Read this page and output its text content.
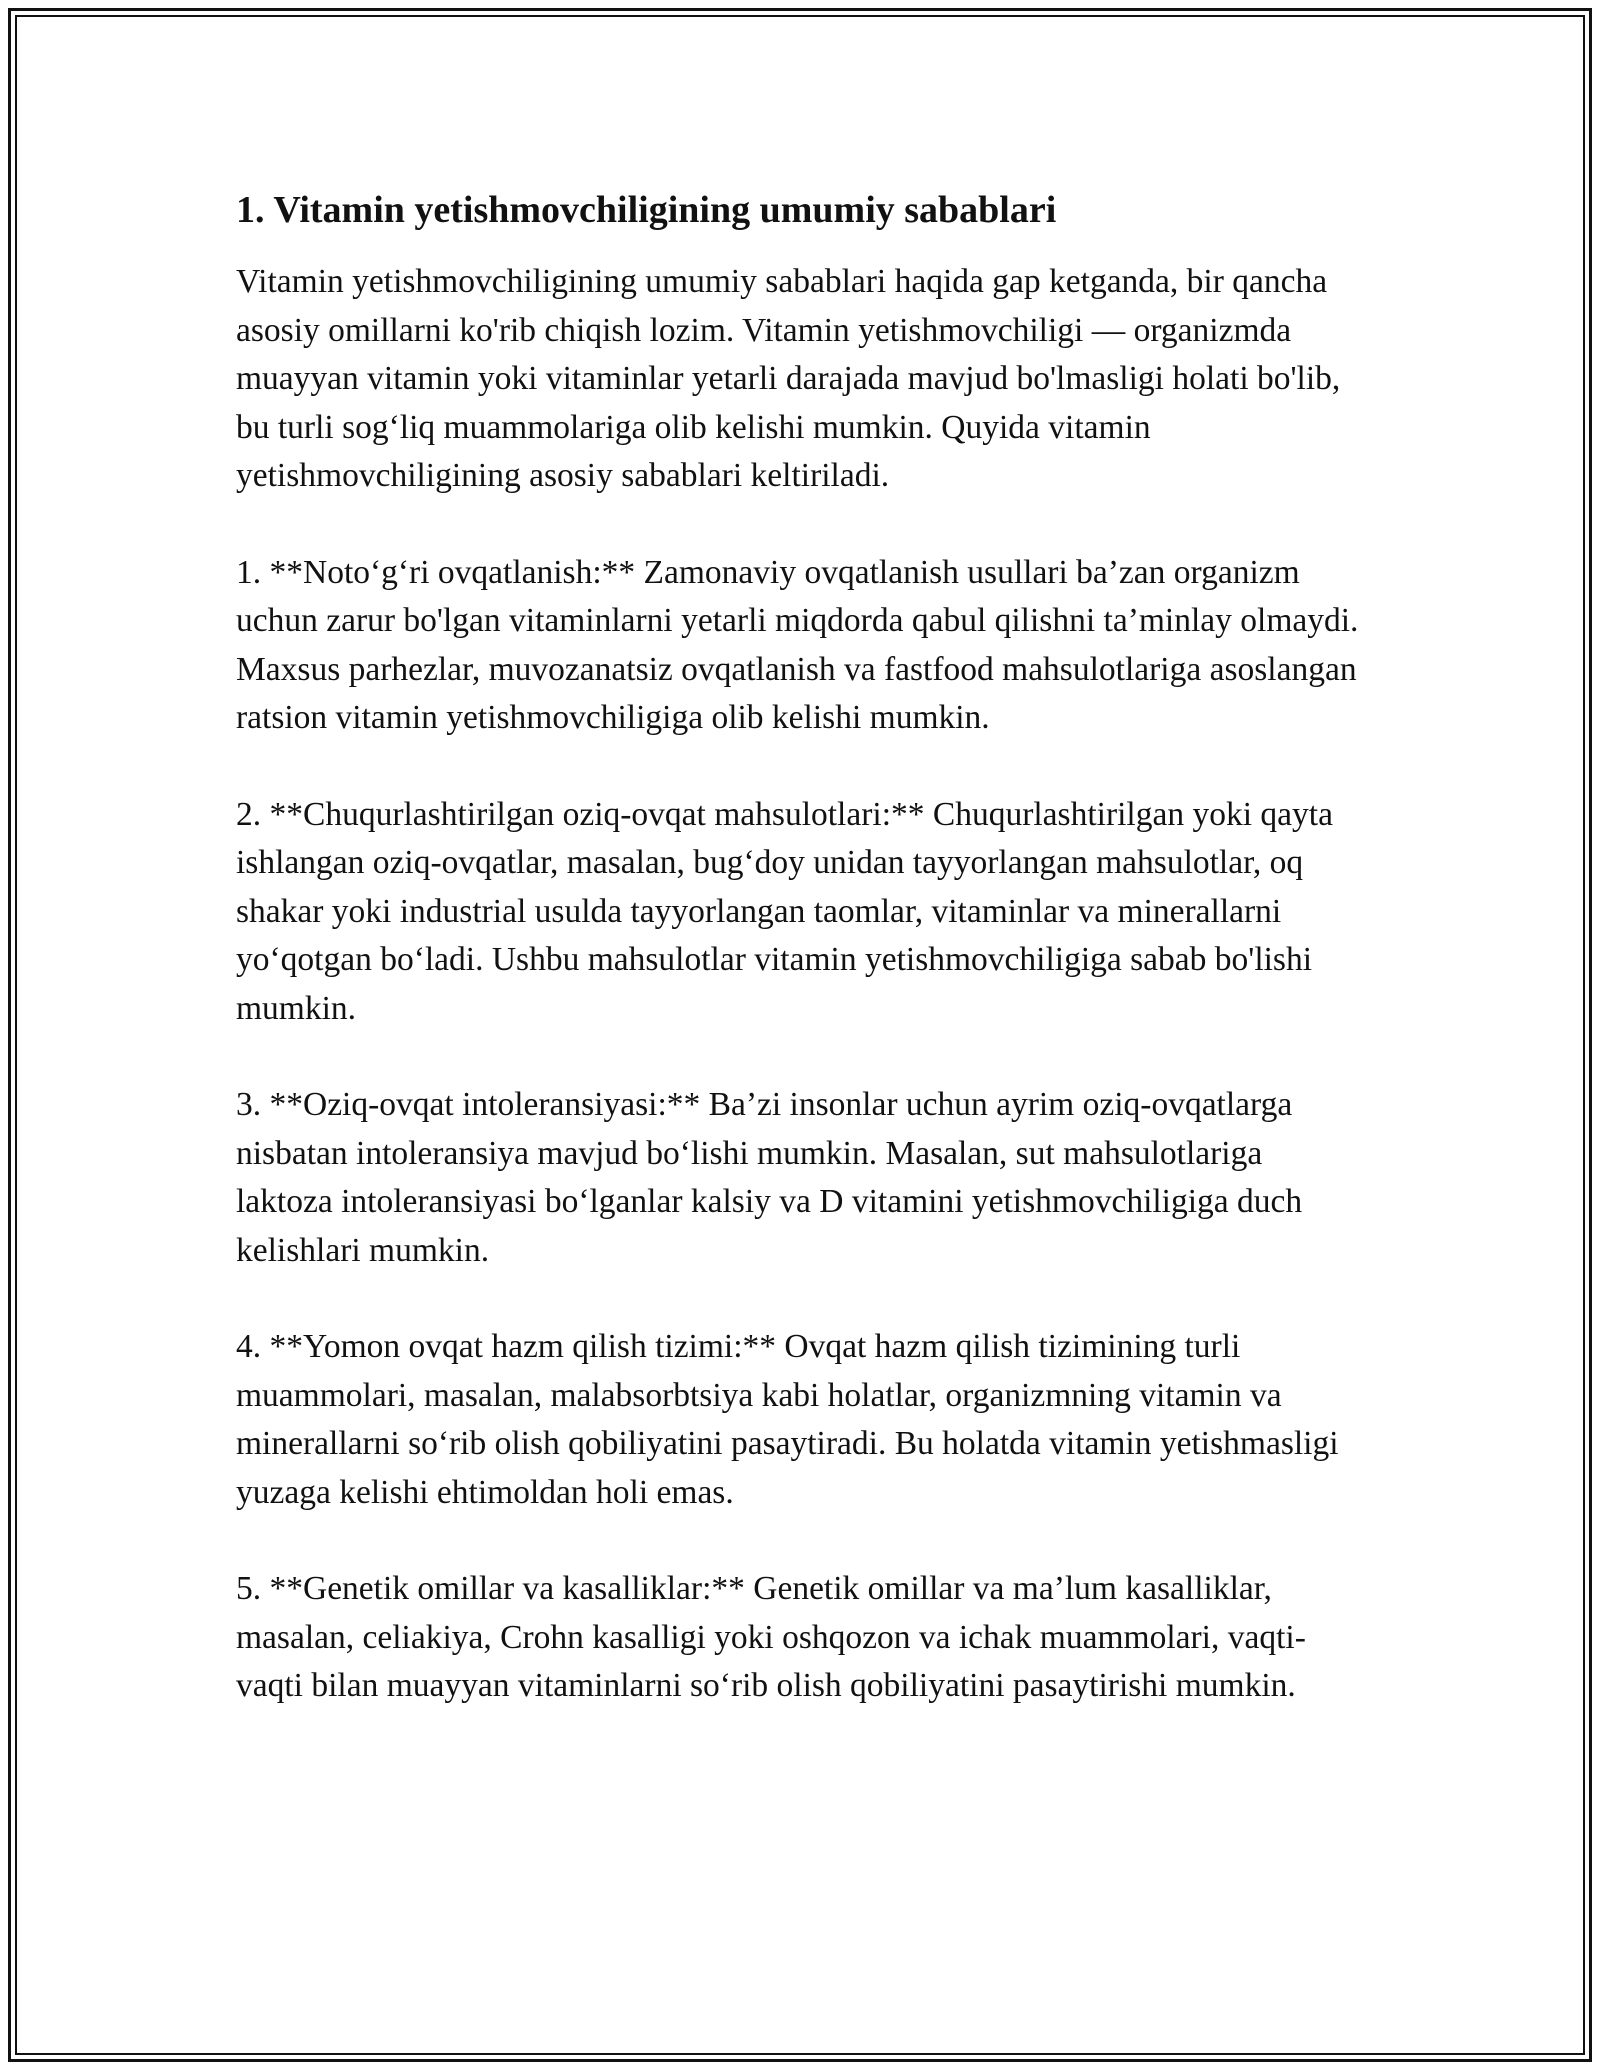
1. Vitamin yetishmovchiligining umumiy sabablari

Vitamin yetishmovchiligining umumiy sabablari haqida gap ketganda, bir qancha asosiy omillarni ko'rib chiqish lozim. Vitamin yetishmovchiligi — organizmda muayyan vitamin yoki vitaminlar yetarli darajada mavjud bo'lmasligi holati bo'lib, bu turli sog‘liq muammolariga olib kelishi mumkin. Quyida vitamin yetishmovchiligining asosiy sabablari keltiriladi.

1. **Noto‘g‘ri ovqatlanish:** Zamonaviy ovqatlanish usullari ba’zan organizm uchun zarur bo'lgan vitaminlarni yetarli miqdorda qabul qilishni ta’minlay olmaydi. Maxsus parhezlar, muvozanatsiz ovqatlanish va fastfood mahsulotlariga asoslangan ratsion vitamin yetishmovchiligiga olib kelishi mumkin.

2. **Chuqurlashtirilgan oziq-ovqat mahsulotlari:** Chuqurlashtirilgan yoki qayta ishlangan oziq-ovqatlar, masalan, bug‘doy unidan tayyorlangan mahsulotlar, oq shakar yoki industrial usulda tayyorlangan taomlar, vitaminlar va minerallarni yo‘qotgan bo‘ladi. Ushbu mahsulotlar vitamin yetishmovchiligiga sabab bo'lishi mumkin.

3. **Oziq-ovqat intoleransiyasi:** Ba’zi insonlar uchun ayrim oziq-ovqatlarga nisbatan intoleransiya mavjud bo‘lishi mumkin. Masalan, sut mahsulotlariga laktoza intoleransiyasi bo‘lganlar kalsiy va D vitamini yetishmovchiligiga duch kelishlari mumkin.

4. **Yomon ovqat hazm qilish tizimi:** Ovqat hazm qilish tizimining turli muammolari, masalan, malabsorbtsiya kabi holatlar, organizmning vitamin va minerallarni so‘rib olish qobiliyatini pasaytiradi. Bu holatda vitamin yetishmasligi yuzaga kelishi ehtimoldan holi emas.

5. **Genetik omillar va kasalliklar:** Genetik omillar va ma’lum kasalliklar, masalan, celiakiya, Crohn kasalligi yoki oshqozon va ichak muammolari, vaqti-vaqti bilan muayyan vitaminlarni so‘rib olish qobiliyatini pasaytirishi mumkin.
